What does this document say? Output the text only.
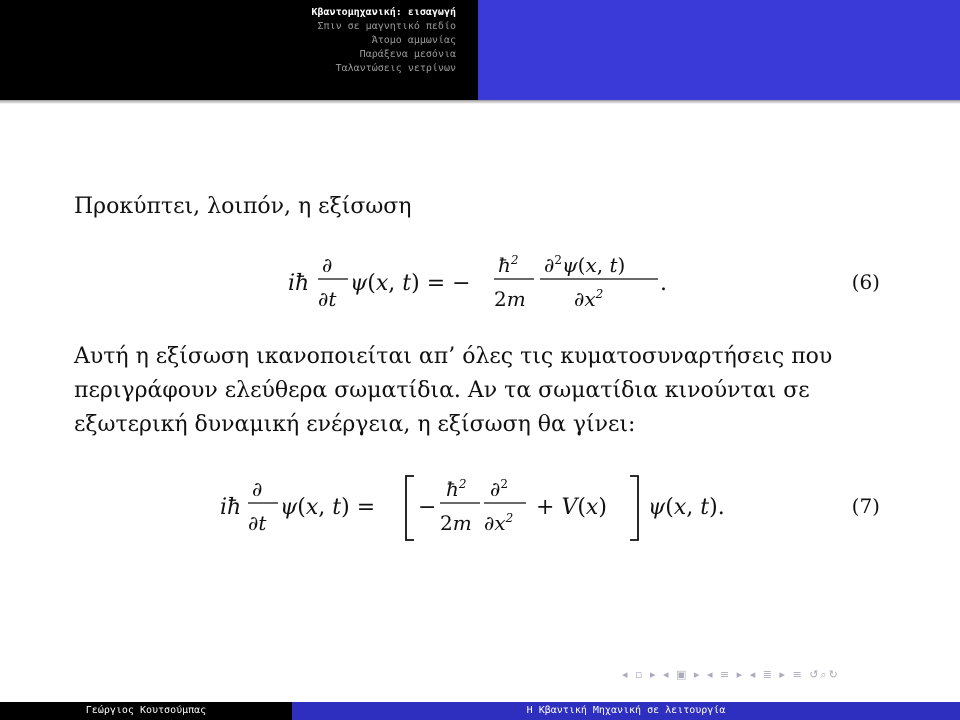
Κβαντομηχανική: εισαγωγή
Σπιν σε μαγνητικό πεδίο
Άτομο αμμωνίας
Παράξενα μεσόνια
Ταλαντώσεις νετρίνων
Προκύπτει, λοιπόν, η εξίσωση
iħ
∂
∂t
ψ(x, t) = −
$ħ^2$
2m
∂$^2$ψ(x, t)
$\partial x^2$	.	(6)
Αυτή η εξίσωση ικανοποιείται απ’ όλες τις κυματοσυναρτήσεις που
περιγράφουν ελεύθερα σωματίδια. Αν τα σωματίδια κινούνται σε
εξωτερική δυναμική ενέργεια, η εξίσωση θα γίνει:
iħ
∂
∂t
ψ(x, t) = −
$ħ^2$
2m
∂$^2$
$\partial x^2 + V(x)$ ψ(x, t).	(7)
◂ ▫ ▸ ◂ ▣ ▸ ◂ ≡ ▸ ◂ ≣ ▸ ≡ ↺⌕↻
Γεώργιος Κουτσούμπας	Η Κβαντική Μηχανική σε λειτουργία
